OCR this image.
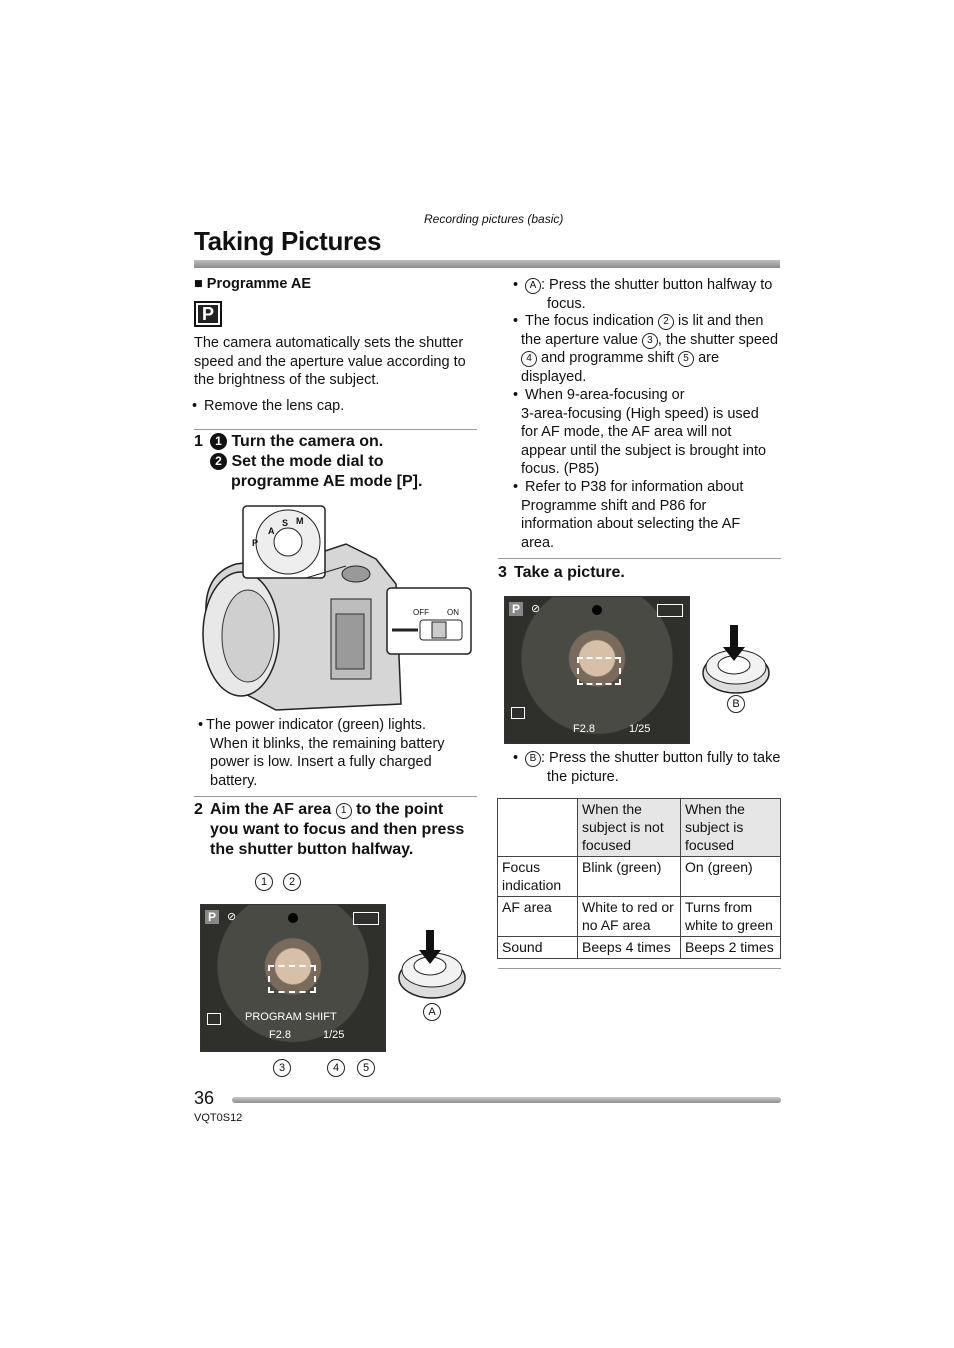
Recording pictures (basic)
Taking Pictures
■ Programme AE
P
The camera automatically sets the shutter
speed and the aperture value according to
the brightness of the subject.
• Remove the lens cap.
1	1 Turn the camera on.
2 Set the mode dial to
programme AE mode [P].
P
A
S M
OFF ON
• The power indicator (green) lights.
When it blinks, the remaining battery
power is low. Insert a fully charged
battery.
2 Aim the AF area 1 to the point
you want to focus and then press
the shutter button halfway.
1	2
P ⊘
PROGRAM SHIFT
F2.8	1/25
3	4	5
A
• A : Press the shutter button halfway to
focus.
• The focus indication 2 is lit and then
the aperture value 3 , the shutter speed
4 and programme shift 5 are
displayed.
• When 9-area-focusing or
3-area-focusing (High speed) is used
for AF mode, the AF area will not
appear until the subject is brought into
focus. (P85)
• Refer to P38 for information about
Programme shift and P86 for
information about selecting the AF
area.
3 Take a picture.
P ⊘
F2.8	1/25
B
• B : Press the shutter button fully to take
the picture.
	When the subject is not focused	When the subject is focused
Focus indication	Blink (green)	On (green)
AF area	White to red or no AF area	Turns from white to green
Sound	Beeps 4 times	Beeps 2 times
36
VQT0S12
